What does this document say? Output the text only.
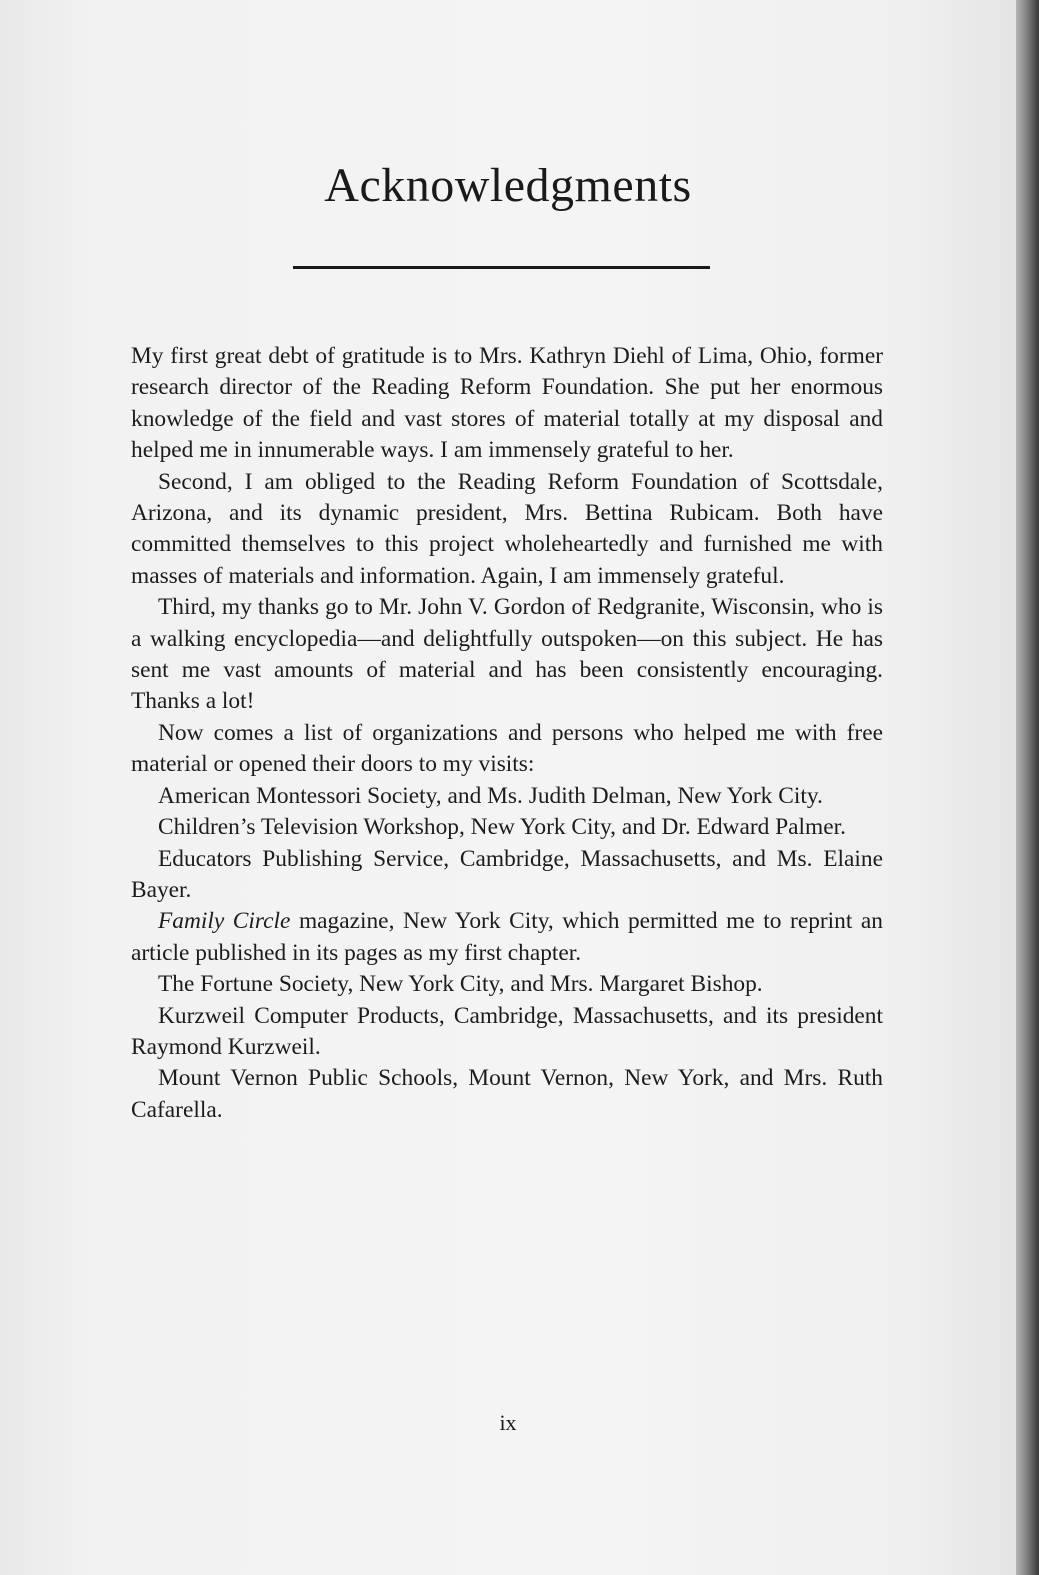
Acknowledgments

My first great debt of gratitude is to Mrs. Kathryn Diehl of Lima, Ohio, former research director of the Reading Reform Foundation. She put her enormous knowledge of the field and vast stores of material totally at my disposal and helped me in innumerable ways. I am immensely grateful to her.

Second, I am obliged to the Reading Reform Foundation of Scottsdale, Arizona, and its dynamic president, Mrs. Bettina Rubicam. Both have committed themselves to this project wholeheartedly and furnished me with masses of materials and information. Again, I am immensely grateful.

Third, my thanks go to Mr. John V. Gordon of Redgranite, Wisconsin, who is a walking encyclopedia—and delightfully outspoken—on this subject. He has sent me vast amounts of material and has been consistently encouraging. Thanks a lot!

Now comes a list of organizations and persons who helped me with free material or opened their doors to my visits:

American Montessori Society, and Ms. Judith Delman, New York City.

Children’s Television Workshop, New York City, and Dr. Edward Palmer.

Educators Publishing Service, Cambridge, Massachusetts, and Ms. Elaine Bayer.

Family Circle magazine, New York City, which permitted me to reprint an article published in its pages as my first chapter.

The Fortune Society, New York City, and Mrs. Margaret Bishop.

Kurzweil Computer Products, Cambridge, Massachusetts, and its president Raymond Kurzweil.

Mount Vernon Public Schools, Mount Vernon, New York, and Mrs. Ruth Cafarella.

ix
